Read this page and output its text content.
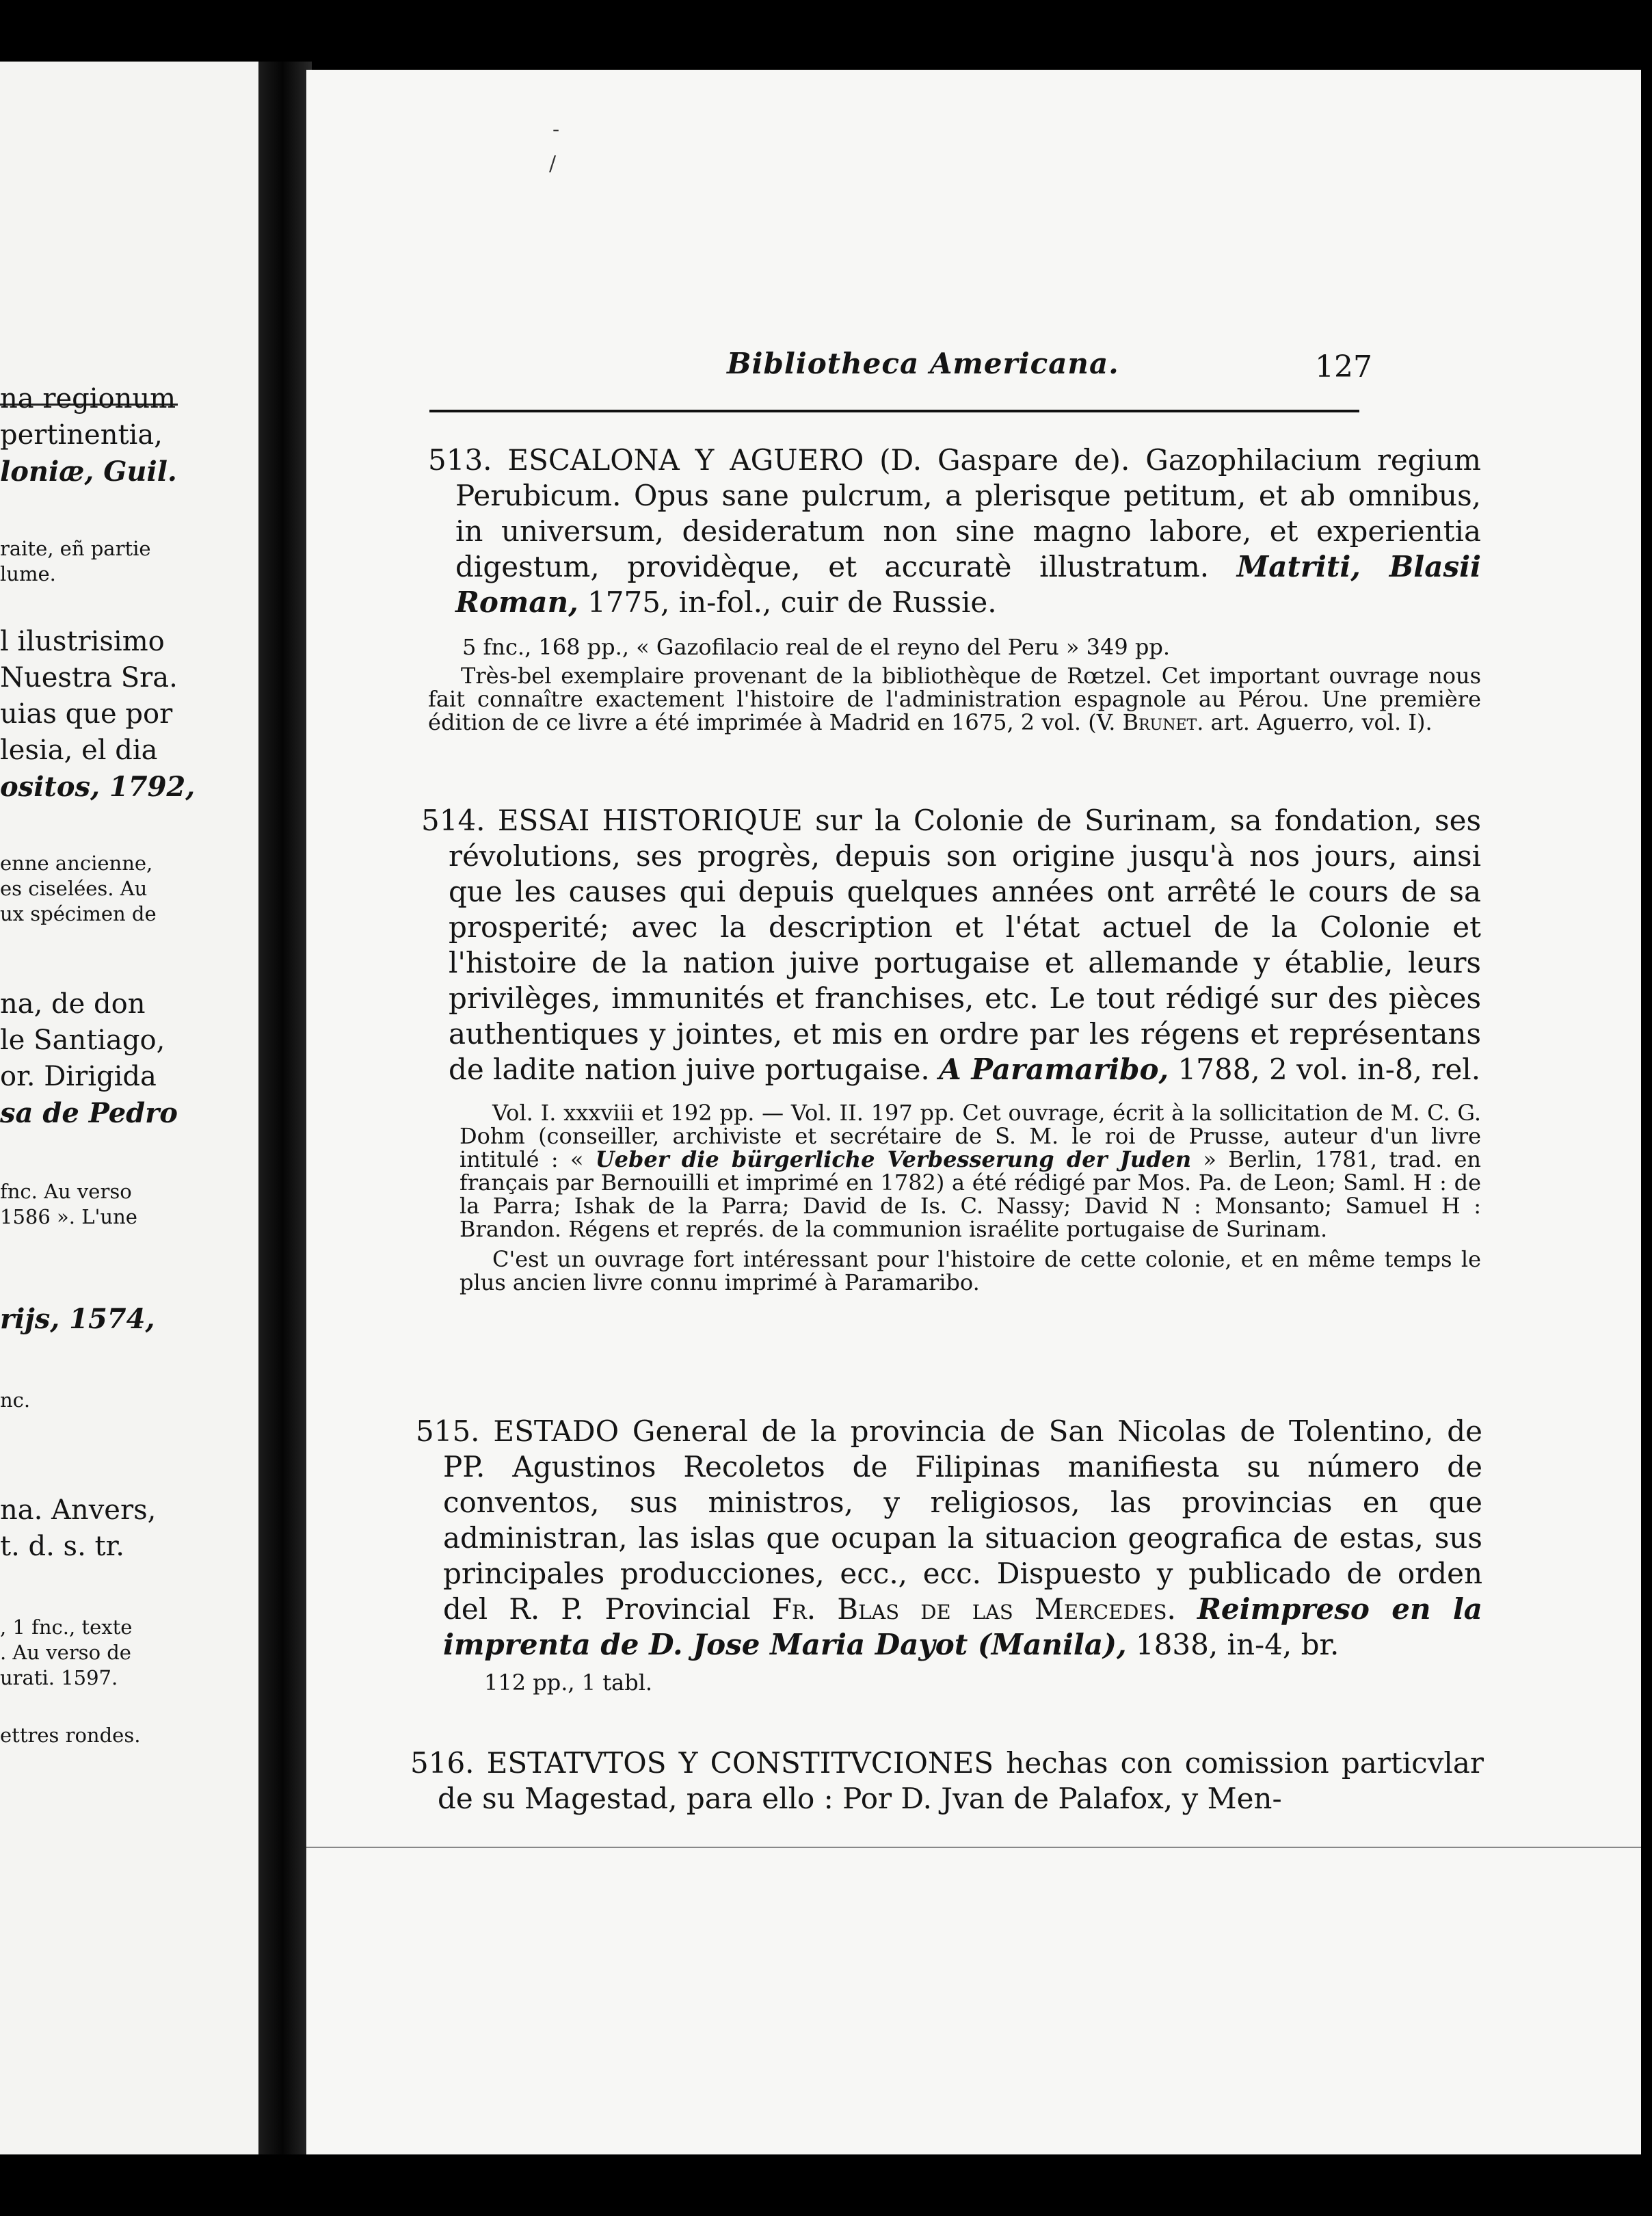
na regionum
pertinentia,
loniæ, Guil.
raite, eñ partie
lume.
l ilustrisimo
Nuestra Sra.
uias que por
lesia, el dia
ositos, 1792,
enne ancienne,
es ciselées. Au
ux spécimen de
na, de don
le Santiago,
or. Dirigida
sa de Pedro
fnc. Au verso
1586 ». L'une
rijs, 1574,
nc.
na. Anvers,
t. d. s. tr.
, 1 fnc., texte
. Au verso de
urati. 1597.
ettres rondes.
Bibliotheca Americana.	127
-
/

513. ESCALONA Y AGUERO (D. Gaspare de). Gazophilacium regium Perubicum. Opus sane pulcrum, a plerisque petitum, et ab omnibus, in universum, desideratum non sine magno labore, et experientia digestum, providèque, et accuratè illustratum. Matriti, Blasii Roman, 1775, in-fol., cuir de Russie.

5 fnc., 168 pp., « Gazofilacio real de el reyno del Peru » 349 pp.

Très-bel exemplaire provenant de la bibliothèque de Rœtzel. Cet important ouvrage nous fait connaître exactement l'histoire de l'administration espagnole au Pérou. Une première édition de ce livre a été imprimée à Madrid en 1675, 2 vol. (V. Brunet. art. Aguerro, vol. I).

514. ESSAI HISTORIQUE sur la Colonie de Surinam, sa fondation, ses révolutions, ses progrès, depuis son origine jusqu'à nos jours, ainsi que les causes qui depuis quelques années ont arrêté le cours de sa prosperité; avec la description et l'état actuel de la Colonie et l'histoire de la nation juive portugaise et allemande y établie, leurs privilèges, immunités et franchises, etc. Le tout rédigé sur des pièces authentiques y jointes, et mis en ordre par les régens et représentans de ladite nation juive portugaise. A Paramaribo, 1788, 2 vol. in-8, rel.

Vol. I. xxxviii et 192 pp. — Vol. II. 197 pp. Cet ouvrage, écrit à la sollicitation de M. C. G. Dohm (conseiller, archiviste et secrétaire de S. M. le roi de Prusse, auteur d'un livre intitulé : « Ueber die bürgerliche Verbesserung der Juden » Berlin, 1781, trad. en français par Bernouilli et imprimé en 1782) a été rédigé par Mos. Pa. de Leon; Saml. H : de la Parra; Ishak de la Parra; David de Is. C. Nassy; David N : Monsanto; Samuel H : Brandon. Régens et représ. de la communion israélite portugaise de Surinam.

C'est un ouvrage fort intéressant pour l'histoire de cette colonie, et en même temps le plus ancien livre connu imprimé à Paramaribo.

515. ESTADO General de la provincia de San Nicolas de Tolentino, de PP. Agustinos Recoletos de Filipinas manifiesta su número de conventos, sus ministros, y religiosos, las provincias en que administran, las islas que ocupan la situacion geografica de estas, sus principales producciones, ecc., ecc. Dispuesto y publicado de orden del R. P. Provincial Fr. Blas de las Mercedes. Reimpreso en la imprenta de D. Jose Maria Dayot (Manila), 1838, in-4, br.

112 pp., 1 tabl.

516. ESTATVTOS Y CONSTITVCIONES hechas con comission particvlar de su Magestad, para ello : Por D. Jvan de Palafox, y Men-
